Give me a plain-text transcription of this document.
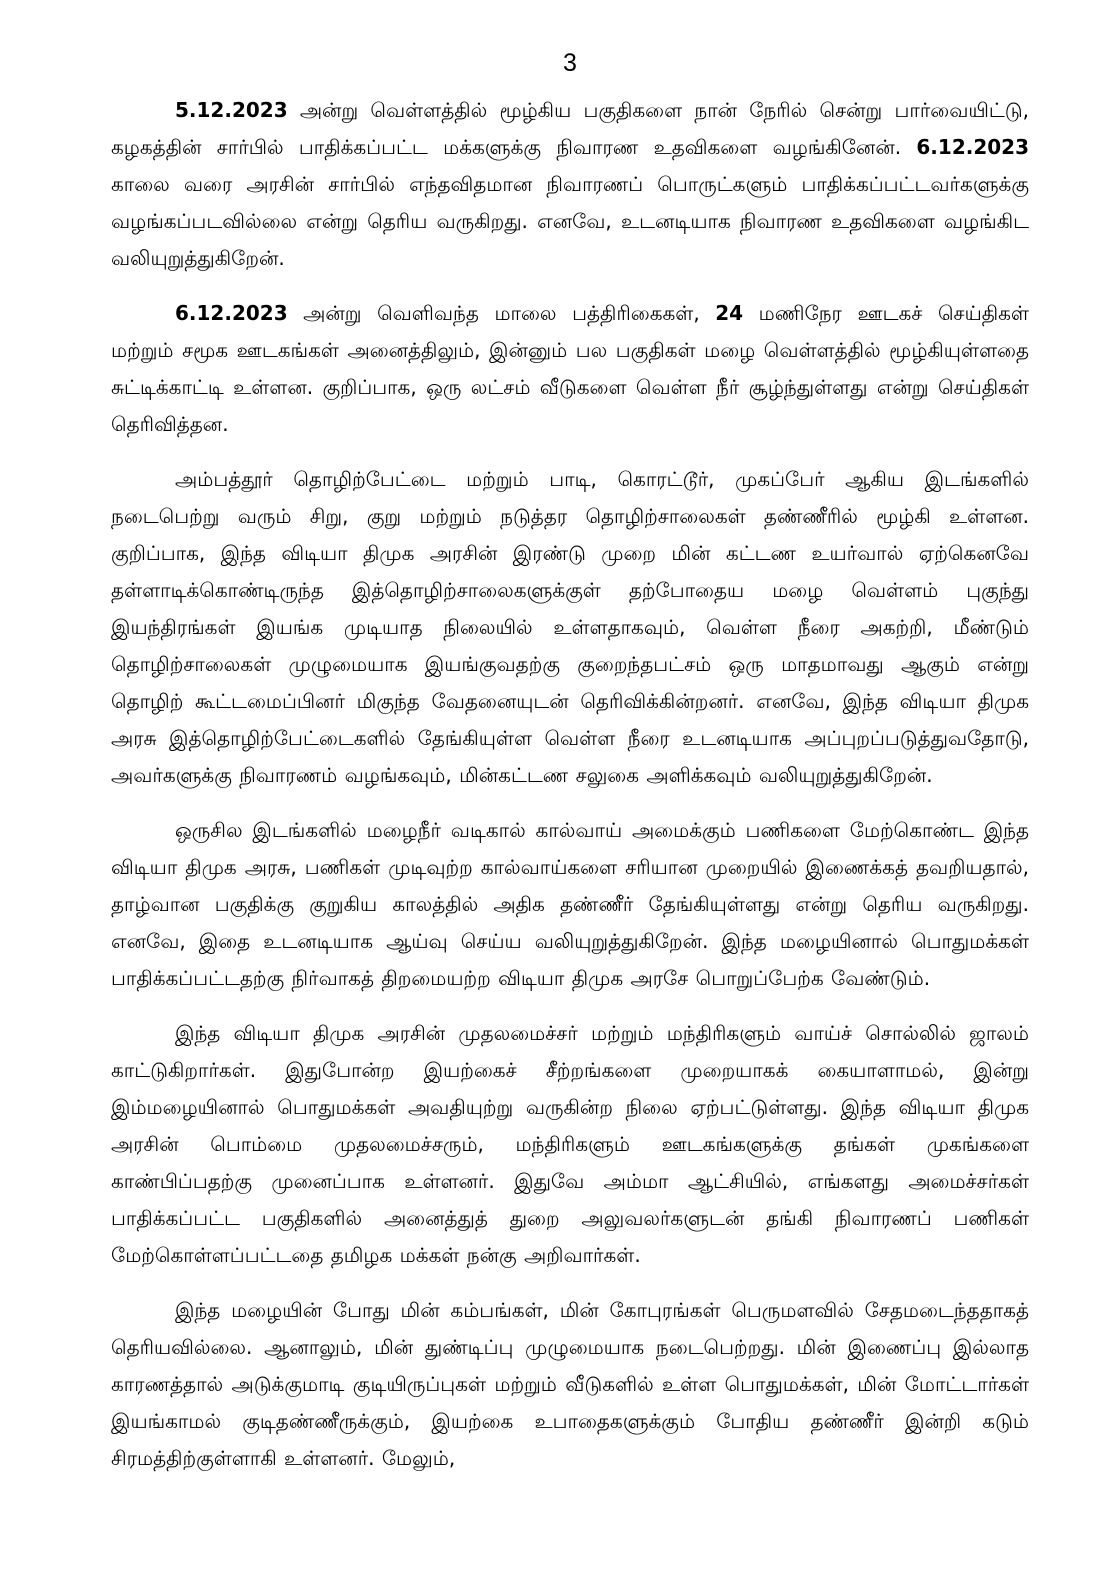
3

5.12.2023 அன்று வெள்ளத்தில் மூழ்கிய பகுதிகளை நான் நேரில் சென்று பார்வையிட்டு, கழகத்தின் சார்பில் பாதிக்கப்பட்ட மக்களுக்கு நிவாரண உதவிகளை வழங்கினேன். 6.12.2023 காலை வரை அரசின் சார்பில் எந்தவிதமான நிவாரணப் பொருட்களும் பாதிக்கப்பட்டவர்களுக்கு வழங்கப்படவில்லை என்று தெரிய வருகிறது. எனவே, உடனடியாக நிவாரண உதவிகளை வழங்கிட வலியுறுத்துகிறேன்.

6.12.2023 அன்று வெளிவந்த மாலை பத்திரிகைகள், 24 மணிநேர ஊடகச் செய்திகள் மற்றும் சமூக ஊடகங்கள் அனைத்திலும், இன்னும் பல பகுதிகள் மழை வெள்ளத்தில் மூழ்கியுள்ளதை சுட்டிக்காட்டி உள்ளன. குறிப்பாக, ஒரு லட்சம் வீடுகளை வெள்ள நீர் சூழ்ந்துள்ளது என்று செய்திகள் தெரிவித்தன.

அம்பத்தூர் தொழிற்பேட்டை மற்றும் பாடி, கொரட்டூர், முகப்பேர் ஆகிய இடங்களில் நடைபெற்று வரும் சிறு, குறு மற்றும் நடுத்தர தொழிற்சாலைகள் தண்ணீரில் மூழ்கி உள்ளன. குறிப்பாக, இந்த விடியா திமுக அரசின் இரண்டு முறை மின் கட்டண உயர்வால் ஏற்கெனவே தள்ளாடிக்கொண்டிருந்த இத்தொழிற்சாலைகளுக்குள் தற்போதைய மழை வெள்ளம் புகுந்து இயந்திரங்கள் இயங்க முடியாத நிலையில் உள்ளதாகவும், வெள்ள நீரை அகற்றி, மீண்டும் தொழிற்சாலைகள் முழுமையாக இயங்குவதற்கு குறைந்தபட்சம் ஒரு மாதமாவது ஆகும் என்று தொழிற் கூட்டமைப்பினர் மிகுந்த வேதனையுடன் தெரிவிக்கின்றனர். எனவே, இந்த விடியா திமுக அரசு இத்தொழிற்பேட்டைகளில் தேங்கியுள்ள வெள்ள நீரை உடனடியாக அப்புறப்படுத்துவதோடு, அவர்களுக்கு நிவாரணம் வழங்கவும், மின்கட்டண சலுகை அளிக்கவும் வலியுறுத்துகிறேன்.

ஒருசில இடங்களில் மழைநீர் வடிகால் கால்வாய் அமைக்கும் பணிகளை மேற்கொண்ட இந்த விடியா திமுக அரசு, பணிகள் முடிவுற்ற கால்வாய்களை சரியான முறையில் இணைக்கத் தவறியதால், தாழ்வான பகுதிக்கு குறுகிய காலத்தில் அதிக தண்ணீர் தேங்கியுள்ளது என்று தெரிய வருகிறது. எனவே, இதை உடனடியாக ஆய்வு செய்ய வலியுறுத்துகிறேன். இந்த மழையினால் பொதுமக்கள் பாதிக்கப்பட்டதற்கு நிர்வாகத் திறமையற்ற விடியா திமுக அரசே பொறுப்பேற்க வேண்டும்.

இந்த விடியா திமுக அரசின் முதலமைச்சர் மற்றும் மந்திரிகளும் வாய்ச் சொல்லில் ஜாலம் காட்டுகிறார்கள். இதுபோன்ற இயற்கைச் சீற்றங்களை முறையாகக் கையாளாமல், இன்று இம்மழையினால் பொதுமக்கள் அவதியுற்று வருகின்ற நிலை ஏற்பட்டுள்ளது. இந்த விடியா திமுக அரசின் பொம்மை முதலமைச்சரும், மந்திரிகளும் ஊடகங்களுக்கு தங்கள் முகங்களை காண்பிப்பதற்கு முனைப்பாக உள்ளனர். இதுவே அம்மா ஆட்சியில், எங்களது அமைச்சர்கள் பாதிக்கப்பட்ட பகுதிகளில் அனைத்துத் துறை அலுவலர்களுடன் தங்கி நிவாரணப் பணிகள் மேற்கொள்ளப்பட்டதை தமிழக மக்கள் நன்கு அறிவார்கள்.

இந்த மழையின் போது மின் கம்பங்கள், மின் கோபுரங்கள் பெருமளவில் சேதமடைந்ததாகத் தெரியவில்லை. ஆனாலும், மின் துண்டிப்பு முழுமையாக நடைபெற்றது. மின் இணைப்பு இல்லாத காரணத்தால் அடுக்குமாடி குடியிருப்புகள் மற்றும் வீடுகளில் உள்ள பொதுமக்கள், மின் மோட்டார்கள் இயங்காமல் குடிதண்ணீருக்கும், இயற்கை உபாதைகளுக்கும் போதிய தண்ணீர் இன்றி கடும் சிரமத்திற்குள்ளாகி உள்ளனர். மேலும்,
